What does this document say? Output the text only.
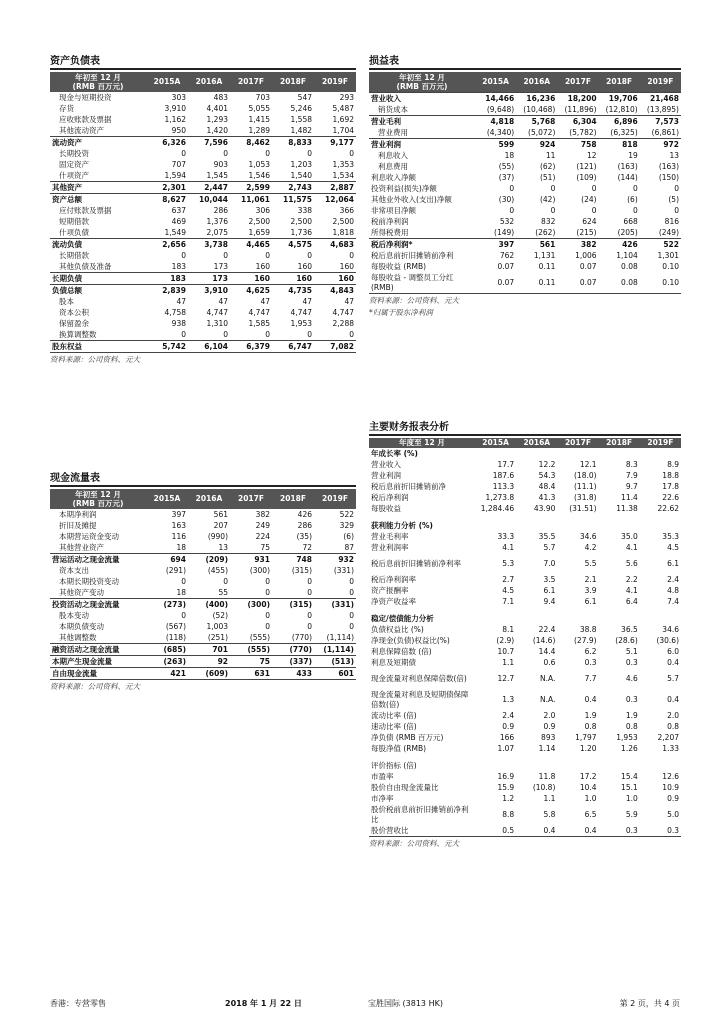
资产负债表
年初至 12 月
(RMB 百万元)	2015A	2016A	2017F	2018F	2019F
现金与短期投资	303	483	703	547	293
存货	3,910	4,401	5,055	5,246	5,487
应收账款及票据	1,162	1,293	1,415	1,558	1,692
其他流动资产	950	1,420	1,289	1,482	1,704
流动资产	6,326	7,596	8,462	8,833	9,177
长期投资	0	0	0	0	0
固定资产	707	903	1,053	1,203	1,353
什项资产	1,594	1,545	1,546	1,540	1,534
其他资产	2,301	2,447	2,599	2,743	2,887
资产总额	8,627	10,044	11,061	11,575	12,064
应付账款及票据	637	286	306	338	366
短期借款	469	1,376	2,500	2,500	2,500
什项负债	1,549	2,075	1,659	1,736	1,818
流动负债	2,656	3,738	4,465	4,575	4,683
长期借款	0	0	0	0	0
其他负债及准备	183	173	160	160	160
长期负债	183	173	160	160	160
负债总额	2,839	3,910	4,625	4,735	4,843
股本	47	47	47	47	47
资本公积	4,758	4,747	4,747	4,747	4,747
保留盈余	938	1,310	1,585	1,953	2,288
换算调整数	0	0	0	0	0
股东权益	5,742	6,104	6,379	6,747	7,082
资料来源：公司资料、元大
现金流量表
年初至 12 月
(RMB 百万元)	2015A	2016A	2017F	2018F	2019F
本期净利润	397	561	382	426	522
折旧及摊提	163	207	249	286	329
本期营运资金变动	116	(990)	224	(35)	(6)
其他营业资产	18	13	75	72	87
营运活动之现金流量	694	(209)	931	748	932
资本支出	(291)	(455)	(300)	(315)	(331)
本期长期投资变动	0	0	0	0	0
其他资产变动	18	55	0	0	0
投资活动之现金流量	(273)	(400)	(300)	(315)	(331)
股本变动	0	(52)	0	0	0
本期负债变动	(567)	1,003	0	0	0
其他调整数	(118)	(251)	(555)	(770)	(1,114)
融资活动之现金流量	(685)	701	(555)	(770)	(1,114)
本期产生现金流量	(263)	92	75	(337)	(513)
自由现金流量	421	(609)	631	433	601
资料来源：公司资料、元大
损益表
年初至 12 月
(RMB 百万元)	2015A	2016A	2017F	2018F	2019F
营业收入	14,466	16,236	18,200	19,706	21,468
销货成本	(9,648)	(10,468)	(11,896)	(12,810)	(13,895)
营业毛利	4,818	5,768	6,304	6,896	7,573
营业费用	(4,340)	(5,072)	(5,782)	(6,325)	(6,861)
营业利润	599	924	758	818	972
利息收入	18	11	12	19	13
利息费用	(55)	(62)	(121)	(163)	(163)
利息收入净额	(37)	(51)	(109)	(144)	(150)
投资利益(损失)净额	0	0	0	0	0
其他业外收入(支出)净额	(30)	(42)	(24)	(6)	(5)
非常项目净额	0	0	0	0	0
税前净利润	532	832	624	668	816
所得税费用	(149)	(262)	(215)	(205)	(249)
税后净利润*	397	561	382	426	522
税后息前折旧摊销前净利	762	1,131	1,006	1,104	1,301
每股收益 (RMB)	0.07	0.11	0.07	0.08	0.10
每股收益 - 调整员工分红 (RMB)	0.07	0.11	0.07	0.08	0.10
资料来源：公司资料、元大
*归属于股东净利润
主要财务报表分析
年度至 12 月	2015A	2016A	2017F	2018F	2019F
年成长率 (%)					
营业收入	17.7	12.2	12.1	8.3	8.9
营业利润	187.6	54.3	(18.0)	7.9	18.8
税后息前折旧摊销前净	113.3	48.4	(11.1)	9.7	17.8
税后净利润	1,273.8	41.3	(31.8)	11.4	22.6
每股收益	1,284.46	43.90	(31.51)	11.38	22.62

获利能力分析 (%)					
营业毛利率	33.3	35.5	34.6	35.0	35.3
营业利润率	4.1	5.7	4.2	4.1	4.5
税后息前折旧摊销前净利率	5.3	7.0	5.5	5.6	6.1
税后净利润率	2.7	3.5	2.1	2.2	2.4
资产报酬率	4.5	6.1	3.9	4.1	4.8
净资产收益率	7.1	9.4	6.1	6.4	7.4

稳定/偿债能力分析					
负债权益比 (%)	8.1	22.4	38.8	36.5	34.6
净现金(负债)权益比(%)	(2.9)	(14.6)	(27.9)	(28.6)	(30.6)
利息保障倍数 (倍)	10.7	14.4	6.2	5.1	6.0
利息及短期债	1.1	0.6	0.3	0.3	0.4
现金流量对利息保障倍数(倍)	12.7	N.A.	7.7	4.6	5.7
现金流量对利息及短期债保障倍数(倍)	1.3	N.A.	0.4	0.3	0.4
流动比率 (倍)	2.4	2.0	1.9	1.9	2.0
速动比率 (倍)	0.9	0.9	0.8	0.8	0.8
净负债 (RMB 百万元)	166	893	1,797	1,953	2,207
每股净值 (RMB)	1.07	1.14	1.20	1.26	1.33

评价指标 (倍)					
市盈率	16.9	11.8	17.2	15.4	12.6
股价自由现金流量比	15.9	(10.8)	10.4	15.1	10.9
市净率	1.2	1.1	1.0	1.0	0.9
股价税前息前折旧摊销前净利比	8.8	5.8	6.5	5.9	5.0
股价营收比	0.5	0.4	0.4	0.3	0.3
资料来源：公司资料、元大
香港：专营零售	2018 年 1 月 22 日	宝胜国际 (3813 HK)	第 2 页，共 4 页
